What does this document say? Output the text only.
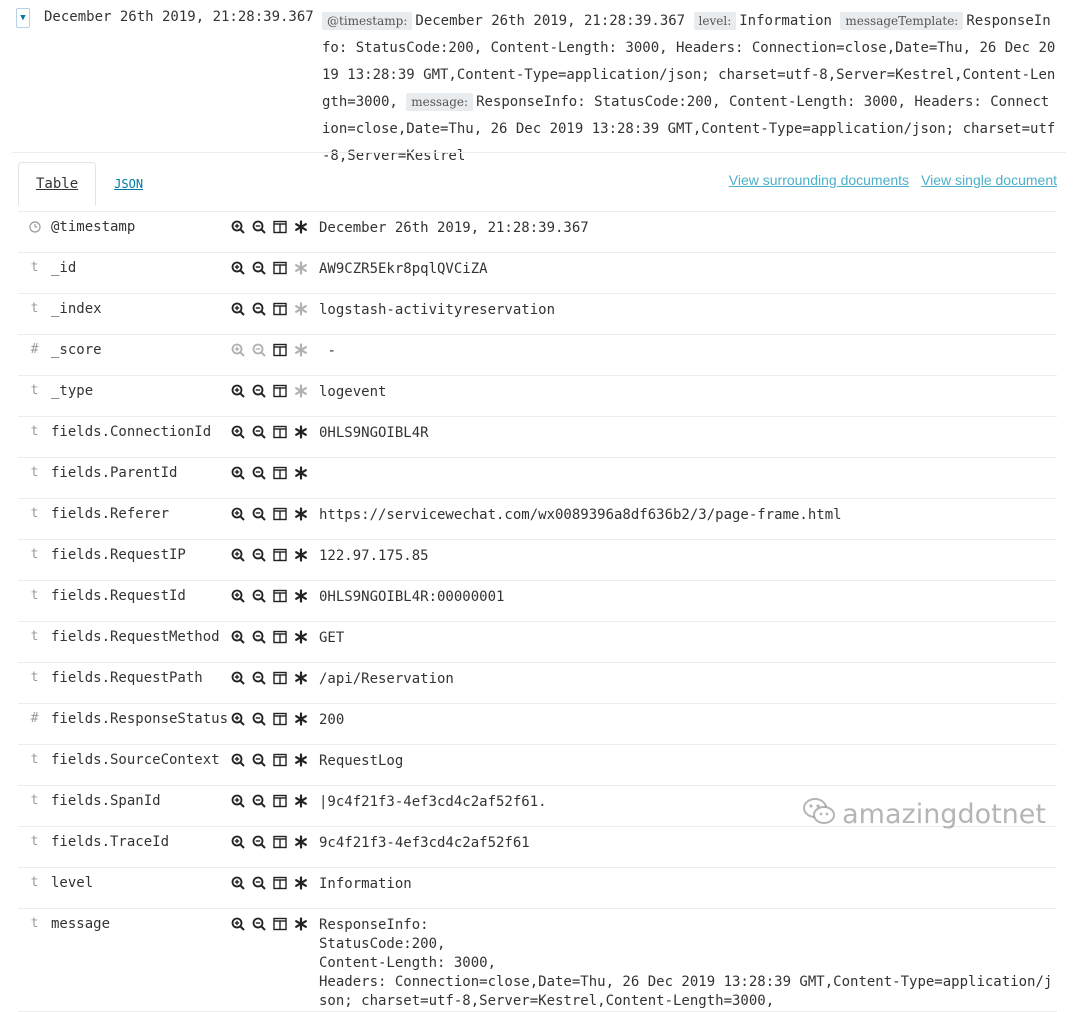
▼ December 26th 2019, 21:28:39.367	@timestamp: December 26th 2019, 21:28:39.367 level: Information messageTemplate: ResponseInfo: StatusCode:200, Content-Length: 3000, Headers: Connection=close,Date=Thu, 26 Dec 2019 13:28:39 GMT,Content-Type=application/json; charset=utf-8,Server=Kestrel,Content-Length=3000, message: ResponseInfo: StatusCode:200, Content-Length: 3000, Headers: Connection=close,Date=Thu, 26 Dec 2019 13:28:39 GMT,Content-Type=application/json; charset=utf-8,Server=Kestrel
Table	JSON	View surrounding documents View single document
	@timestamp		December 26th 2019, 21:28:39.367
t	_id		AW9CZR5Ekr8pqlQVCiZA
t	_index		logstash-activityreservation
#	_score		-
t	_type		logevent
t	fields.ConnectionId		0HLS9NGOIBL4R
t	fields.ParentId	

t	fields.Referer		https://servicewechat.com/wx0089396a8df636b2/3/page-frame.html
t	fields.RequestIP		122.97.175.85
t	fields.RequestId		0HLS9NGOIBL4R:00000001
t	fields.RequestMethod		GET
t	fields.RequestPath		/api/Reservation
#	fields.ResponseStatus		200
t	fields.SourceContext		RequestLog
t	fields.SpanId		|9c4f21f3-4ef3cd4c2af52f61.
t	fields.TraceId		9c4f21f3-4ef3cd4c2af52f61
t	level		Information
t	message		ResponseInfo:
StatusCode:200,
Content-Length: 3000,
Headers: Connection=close,Date=Thu, 26 Dec 2019 13:28:39 GMT,Content-Type=application/json; charset=utf-8,Server=Kestrel,Content-Length=3000,
amazingdotnet
